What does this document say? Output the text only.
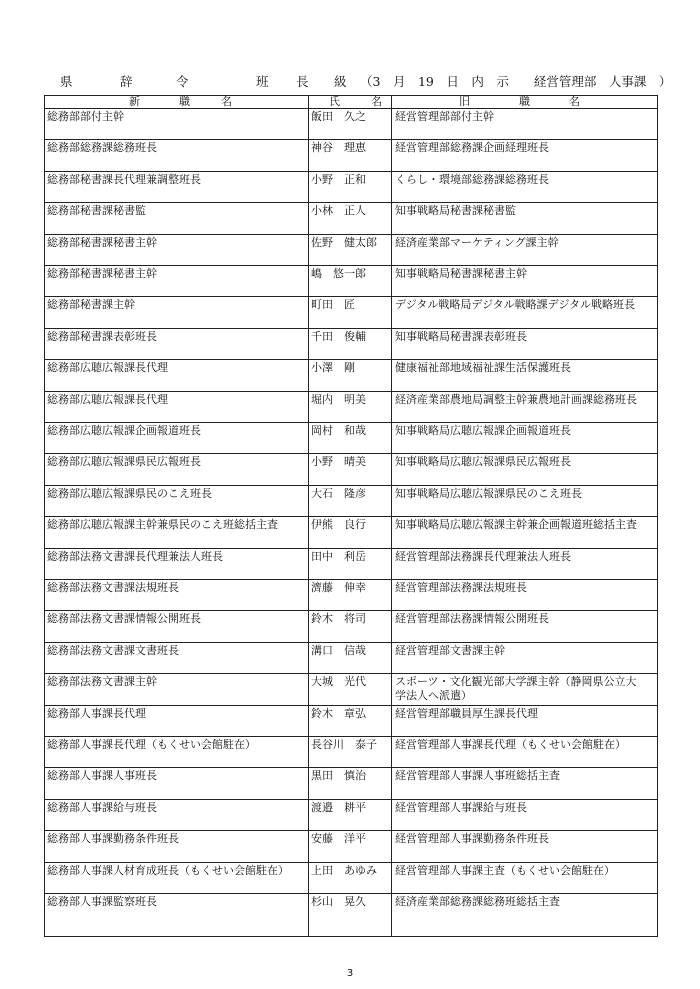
県	辞	令	班 長 級 （3　月　19　日　内　示　　経営管理部　人事課　）
新	職	名	氏	名	旧	職	名
総務部部付主幹	飯田　久之	経営管理部部付主幹
総務部総務課総務班長	神谷　理恵	経営管理部総務課企画経理班長
総務部秘書課長代理兼調整班長	小野　正和	くらし・環境部総務課総務班長
総務部秘書課秘書監	小林　正人	知事戦略局秘書課秘書監
総務部秘書課秘書主幹	佐野　健太郎	経済産業部マーケティング課主幹
総務部秘書課秘書主幹	嶋　悠一郎	知事戦略局秘書課秘書主幹
総務部秘書課主幹	町田　匠	デジタル戦略局デジタル戦略課デジタル戦略班長
総務部秘書課表彰班長	千田　俊輔	知事戦略局秘書課表彰班長
総務部広聴広報課長代理	小澤　剛	健康福祉部地域福祉課生活保護班長
総務部広聴広報課長代理	堀内　明美	経済産業部農地局調整主幹兼農地計画課総務班長
総務部広聴広報課企画報道班長	岡村　和哉	知事戦略局広聴広報課企画報道班長
総務部広聴広報課県民広報班長	小野　晴美	知事戦略局広聴広報課県民広報班長
総務部広聴広報課県民のこえ班長	大石　隆彦	知事戦略局広聴広報課県民のこえ班長
総務部広聴広報課主幹兼県民のこえ班総括主査	伊熊　良行	知事戦略局広聴広報課主幹兼企画報道班総括主査
総務部法務文書課長代理兼法人班長	田中　利岳	経営管理部法務課長代理兼法人班長
総務部法務文書課法規班長	濟藤　伸幸	経営管理部法務課法規班長
総務部法務文書課情報公開班長	鈴木　将司	経営管理部法務課情報公開班長
総務部法務文書課文書班長	溝口　信哉	経営管理部文書課主幹
総務部法務文書課主幹	大城　光代	スポーツ・文化観光部大学課主幹（静岡県公立大学法人へ派遣）
総務部人事課長代理	鈴木　章弘	経営管理部職員厚生課長代理
総務部人事課長代理（もくせい会館駐在）	長谷川　泰子	経営管理部人事課長代理（もくせい会館駐在）
総務部人事課人事班長	黒田　慎治	経営管理部人事課人事班総括主査
総務部人事課給与班長	渡邉　耕平	経営管理部人事課給与班長
総務部人事課勤務条件班長	安藤　洋平	経営管理部人事課勤務条件班長
総務部人事課人材育成班長（もくせい会館駐在）	上田　あゆみ	経営管理部人事課主査（もくせい会館駐在）
総務部人事課監察班長	杉山　晃久	経済産業部総務課総務班総括主査
3
